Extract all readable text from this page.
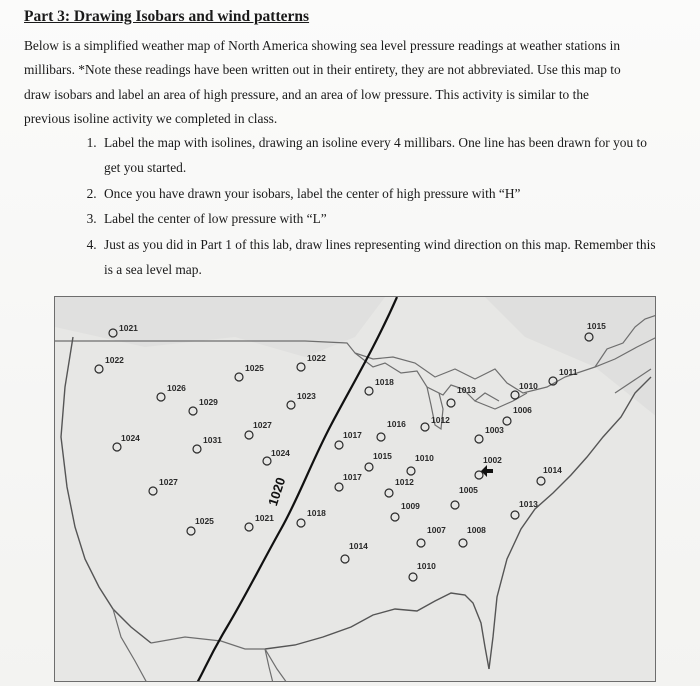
Part 3: Drawing Isobars and wind patterns

Below is a simplified weather map of North America showing sea level pressure readings at weather stations in millibars. *Note these readings have been written out in their entirety, they are not abbreviated. Use this map to draw isobars and label an area of high pressure, and an area of low pressure. This activity is similar to the previous isoline activity we completed in class.

1. Label the map with isolines, drawing an isoline every 4 millibars. One line has been drawn for you to get you started.
2. Once you have drawn your isobars, label the center of high pressure with “H”
3. Label the center of low pressure with “L”
4. Just as you did in Part 1 of this lab, draw lines representing wind direction on this map. Remember this is a sea level map.
1020
1021
1022
1026
1029
1024	1031
1027
1025
1027
1024
1025	1021
1022
1023
1018
1018
1017
1016
1015
1017
1014
1012
1013
1010
1012
1009
1007
1010
1003
1002
1005
1008
1010
1006
1011
1015
1014
1013
